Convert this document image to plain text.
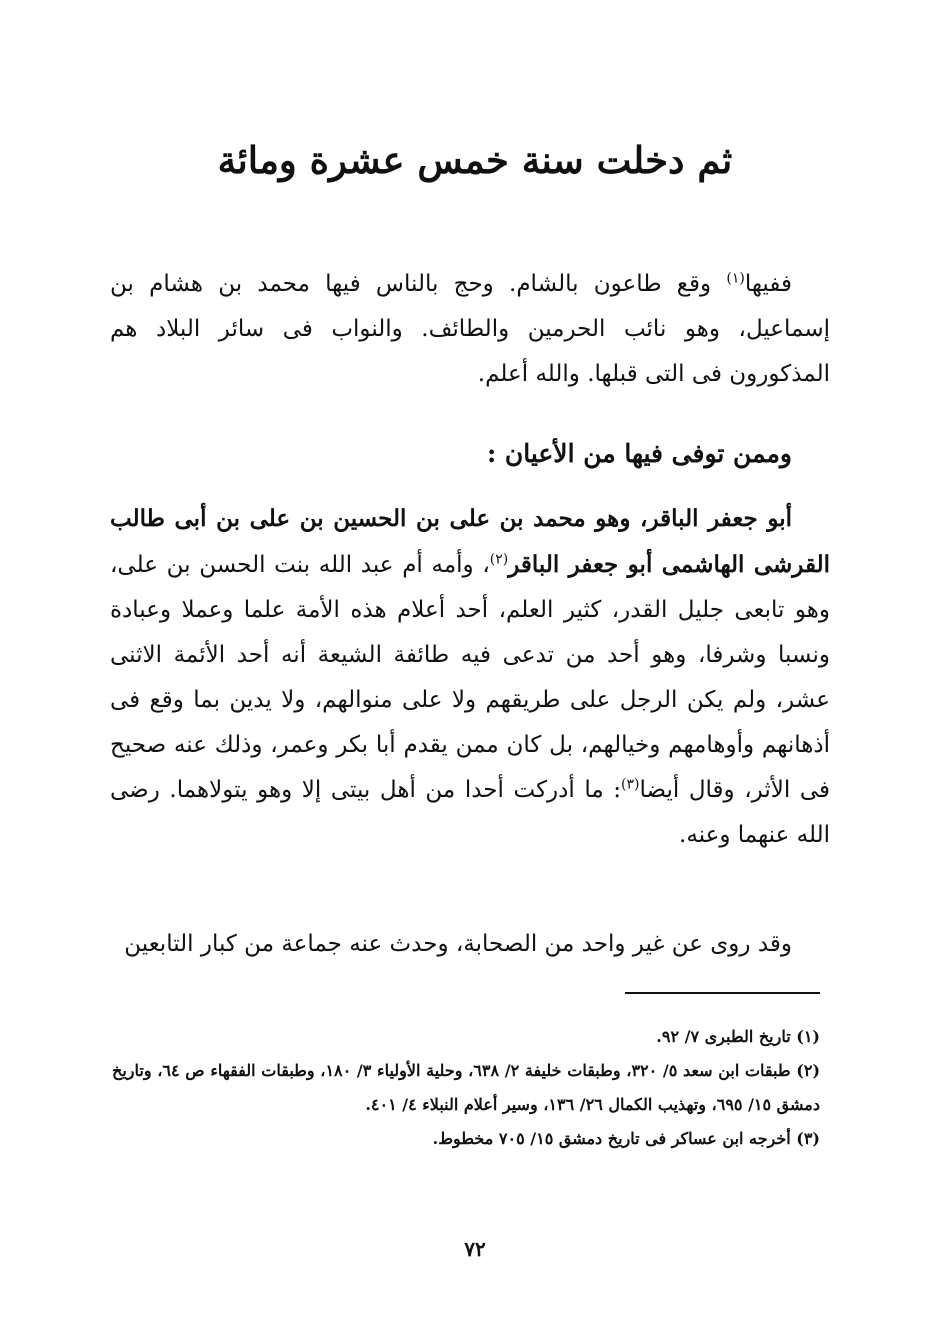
ثم دخلت سنة خمس عشرة ومائة

ففيها$^{(١)}$ وقع طاعون بالشام. وحج بالناس فيها محمد بن هشام بن إسماعيل، وهو نائب الحرمين والطائف. والنواب فى سائر البلاد هم المذكورون فى التى قبلها. والله أعلم.

وممن توفى فيها من الأعيان :

أبو جعفر الباقر، وهو محمد بن على بن الحسين بن على بن أبى طالب القرشى الهاشمى أبو جعفر الباقر$^{(٢)}$، وأمه أم عبد الله بنت الحسن بن على، وهو تابعى جليل القدر، كثير العلم، أحد أعلام هذه الأمة علما وعملا وعبادة ونسبا وشرفا، وهو أحد من تدعى فيه طائفة الشيعة أنه أحد الأئمة الاثنى عشر، ولم يكن الرجل على طريقهم ولا على منوالهم، ولا يدين بما وقع فى أذهانهم وأوهامهم وخيالهم، بل كان ممن يقدم أبا بكر وعمر، وذلك عنه صحيح فى الأثر، وقال أيضا$^{(٣)}$: ما أدركت أحدا من أهل بيتى إلا وهو يتولاهما. رضى الله عنهما وعنه.

وقد روى عن غير واحد من الصحابة، وحدث عنه جماعة من كبار التابعين

(١) تاريخ الطبرى ٧/ ٩٢.

(٢) طبقات ابن سعد ٥/ ٣٢٠، وطبقات خليفة ٢/ ٦٣٨، وحلية الأولياء ٣/ ١٨٠، وطبقات الفقهاء ص ٦٤، وتاريخ دمشق ١٥/ ٦٩٥، وتهذيب الكمال ٢٦/ ١٣٦، وسير أعلام النبلاء ٤/ ٤٠١.

(٣) أخرجه ابن عساكر فى تاريخ دمشق ١٥/ ٧٠٥ مخطوط.

٧٢
